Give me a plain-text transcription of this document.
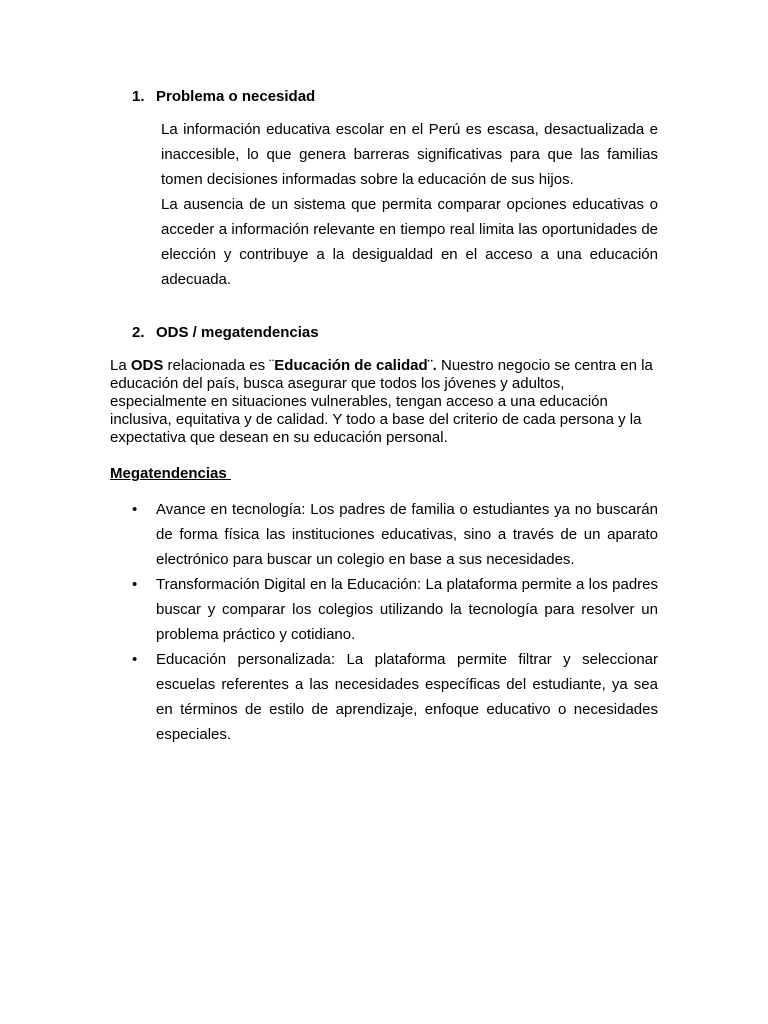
1. Problema o necesidad

La información educativa escolar en el Perú es escasa, desactualizada e inaccesible, lo que genera barreras significativas para que las familias tomen decisiones informadas sobre la educación de sus hijos.

La ausencia de un sistema que permita comparar opciones educativas o acceder a información relevante en tiempo real limita las oportunidades de elección y contribuye a la desigualdad en el acceso a una educación adecuada.

2. ODS / megatendencias
La ODS relacionada es ¨Educación de calidad¨. Nuestro negocio se centra en la educación del país, busca asegurar que todos los jóvenes y adultos, especialmente en situaciones vulnerables, tengan acceso a una educación inclusiva, equitativa y de calidad. Y todo a base del criterio de cada persona y la expectativa que desean en su educación personal.
Megatendencias
• Avance en tecnología: Los padres de familia o estudiantes ya no buscarán de forma física las instituciones educativas, sino a través de un aparato electrónico para buscar un colegio en base a sus necesidades.
• Transformación Digital en la Educación: La plataforma permite a los padres buscar y comparar los colegios utilizando la tecnología para resolver un problema práctico y cotidiano.
• Educación personalizada: La plataforma permite filtrar y seleccionar escuelas referentes a las necesidades específicas del estudiante, ya sea en términos de estilo de aprendizaje, enfoque educativo o necesidades especiales.
